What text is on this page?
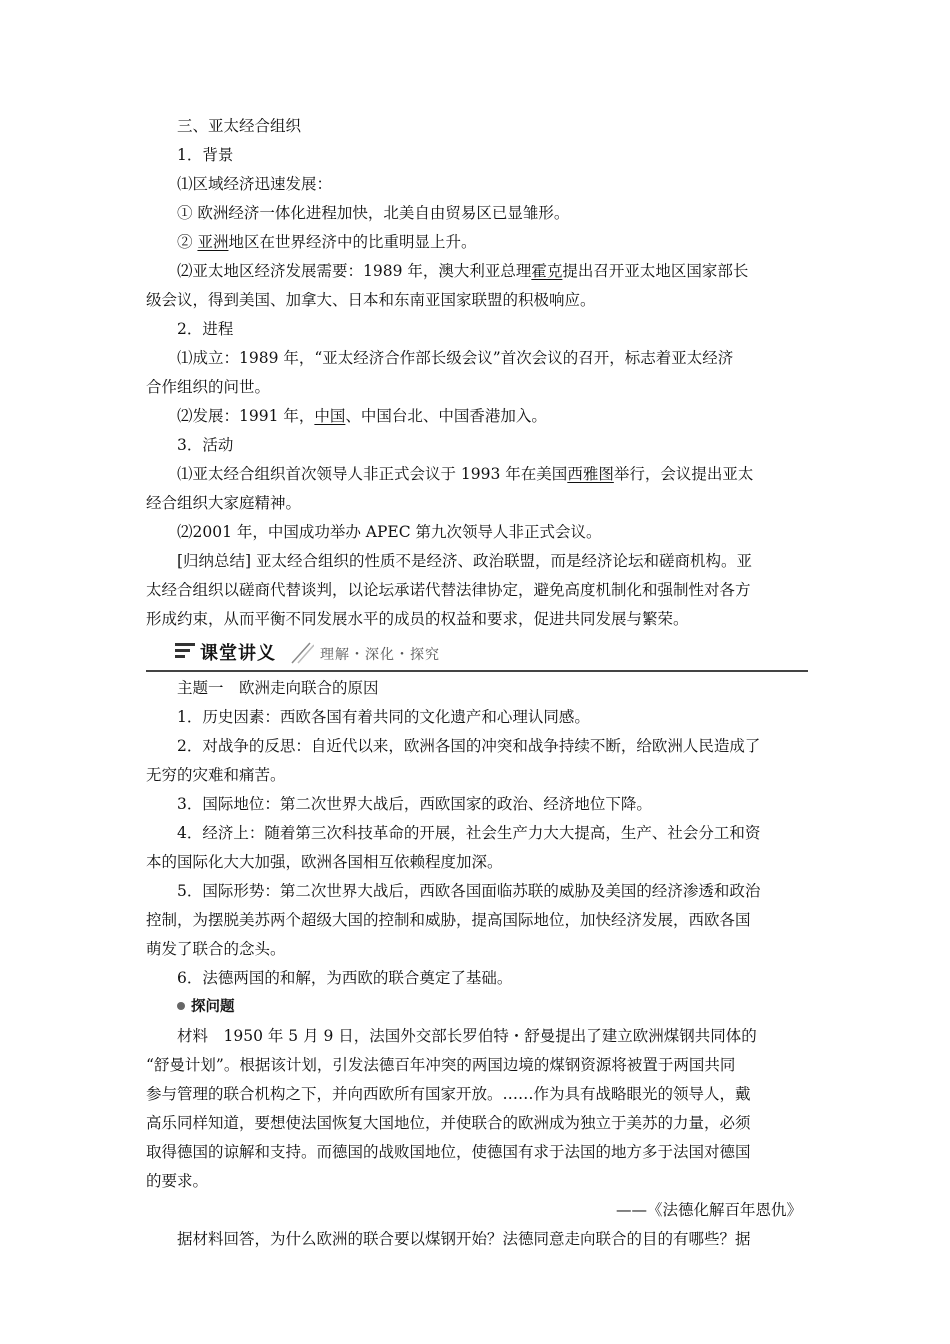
三、亚太经合组织
1．背景
⑴区域经济迅速发展：
① 欧洲经济一体化进程加快，北美自由贸易区已显雏形。
② 亚洲地区在世界经济中的比重明显上升。
⑵亚太地区经济发展需要：1989 年，澳大利亚总理霍克提出召开亚太地区国家部长
级会议，得到美国、加拿大、日本和东南亚国家联盟的积极响应。
2．进程
⑴成立：1989 年，“亚太经济合作部长级会议”首次会议的召开，标志着亚太经济
合作组织的问世。
⑵发展：1991 年，中国、中国台北、中国香港加入。
3．活动
⑴亚太经合组织首次领导人非正式会议于 1993 年在美国西雅图举行，会议提出亚太
经合组织大家庭精神。
⑵2001 年，中国成功举办 APEC 第九次领导人非正式会议。
[归纳总结] 亚太经合组织的性质不是经济、政治联盟，而是经济论坛和磋商机构。亚
太经合组织以磋商代替谈判，以论坛承诺代替法律协定，避免高度机制化和强制性对各方
形成约束，从而平衡不同发展水平的成员的权益和要求，促进共同发展与繁荣。
课堂讲义	理解・深化・探究
主题一　欧洲走向联合的原因
1．历史因素：西欧各国有着共同的文化遗产和心理认同感。
2．对战争的反思：自近代以来，欧洲各国的冲突和战争持续不断，给欧洲人民造成了
无穷的灾难和痛苦。
3．国际地位：第二次世界大战后，西欧国家的政治、经济地位下降。
4．经济上：随着第三次科技革命的开展，社会生产力大大提高，生产、社会分工和资
本的国际化大大加强，欧洲各国相互依赖程度加深。
5．国际形势：第二次世界大战后，西欧各国面临苏联的威胁及美国的经济渗透和政治
控制，为摆脱美苏两个超级大国的控制和威胁，提高国际地位，加快经济发展，西欧各国
萌发了联合的念头。
6．法德两国的和解，为西欧的联合奠定了基础。
探问题
材料　1950 年 5 月 9 日，法国外交部长罗伯特・舒曼提出了建立欧洲煤钢共同体的
“舒曼计划”。根据该计划，引发法德百年冲突的两国边境的煤钢资源将被置于两国共同
参与管理的联合机构之下，并向西欧所有国家开放。……作为具有战略眼光的领导人，戴
高乐同样知道，要想使法国恢复大国地位，并使联合的欧洲成为独立于美苏的力量，必须
取得德国的谅解和支持。而德国的战败国地位，使德国有求于法国的地方多于法国对德国
的要求。
——《法德化解百年恩仇》
据材料回答，为什么欧洲的联合要以煤钢开始？法德同意走向联合的目的有哪些？据
